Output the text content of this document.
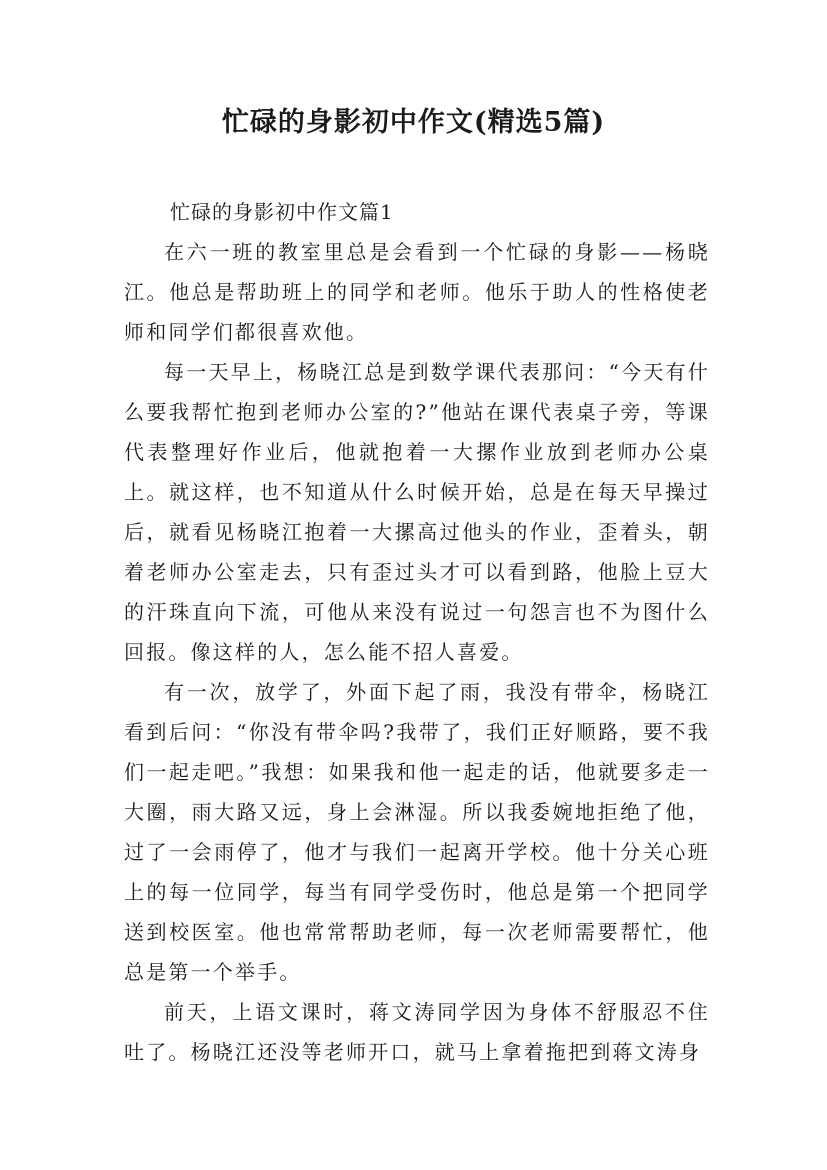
忙碌的身影初中作文(精选5篇)
忙碌的身影初中作文篇1

在六一班的教室里总是会看到一个忙碌的身影——杨晓江。他总是帮助班上的同学和老师。他乐于助人的性格使老师和同学们都很喜欢他。

每一天早上，杨晓江总是到数学课代表那问：“今天有什么要我帮忙抱到老师办公室的?”他站在课代表桌子旁，等课代表整理好作业后，他就抱着一大摞作业放到老师办公桌上。就这样，也不知道从什么时候开始，总是在每天早操过后，就看见杨晓江抱着一大摞高过他头的作业，歪着头，朝着老师办公室走去，只有歪过头才可以看到路，他脸上豆大的汗珠直向下流，可他从来没有说过一句怨言也不为图什么回报。像这样的人，怎么能不招人喜爱。

有一次，放学了，外面下起了雨，我没有带伞，杨晓江看到后问：“你没有带伞吗?我带了，我们正好顺路，要不我们一起走吧。”我想：如果我和他一起走的话，他就要多走一大圈，雨大路又远，身上会淋湿。所以我委婉地拒绝了他，过了一会雨停了，他才与我们一起离开学校。他十分关心班上的每一位同学，每当有同学受伤时，他总是第一个把同学送到校医室。他也常常帮助老师，每一次老师需要帮忙，他总是第一个举手。

前天，上语文课时，蒋文涛同学因为身体不舒服忍不住吐了。杨晓江还没等老师开口，就马上拿着拖把到蒋文涛身
